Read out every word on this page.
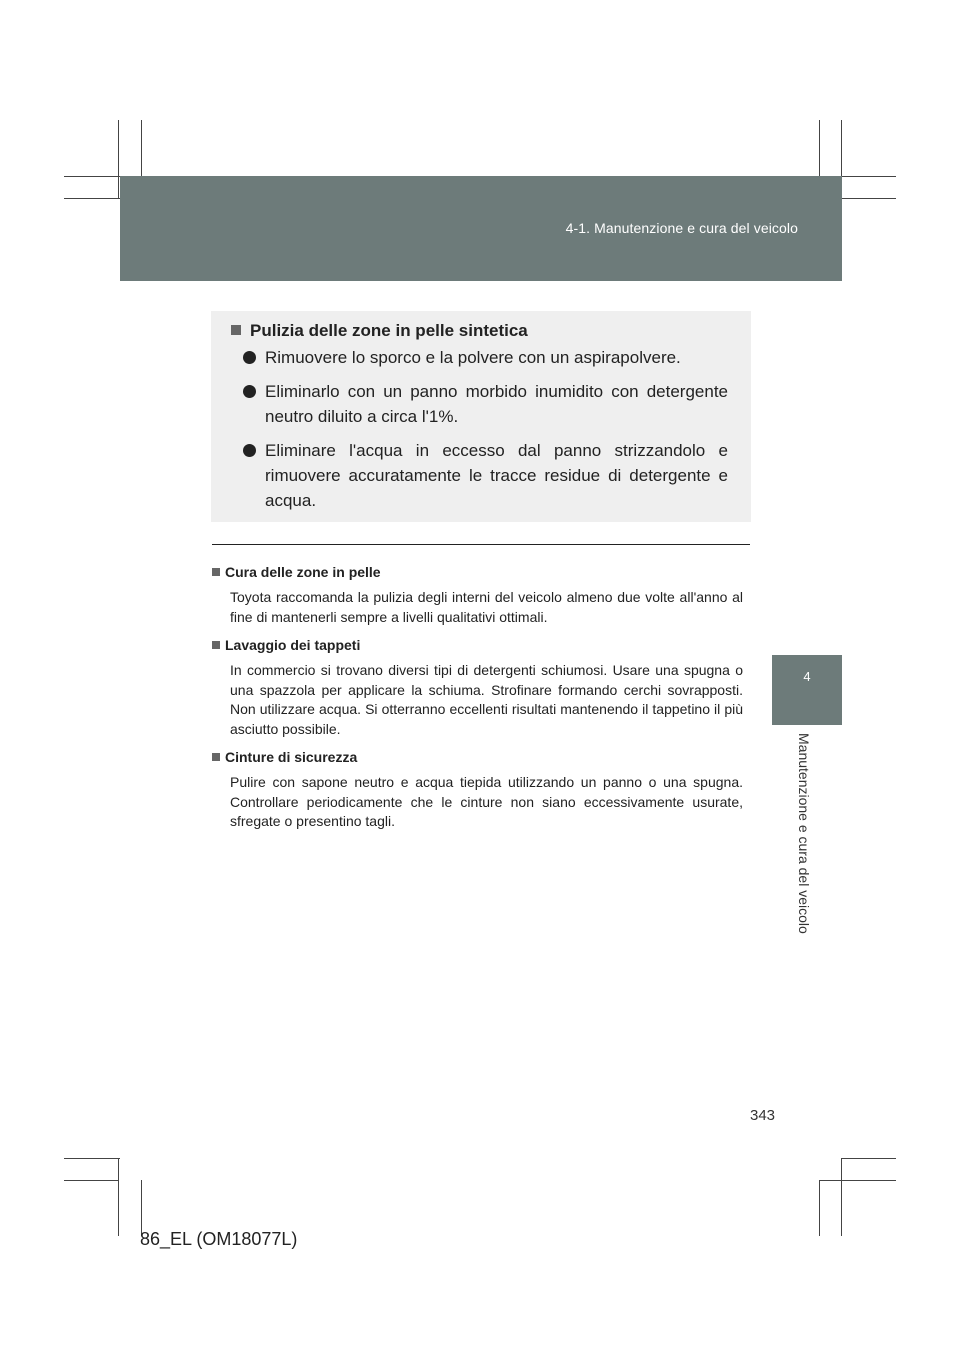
4-1. Manutenzione e cura del veicolo
4
Manutenzione e cura del veicolo
Pulizia delle zone in pelle sintetica
Rimuovere lo sporco e la polvere con un aspirapolvere.
Eliminarlo con un panno morbido inumidito con detergente neutro diluito a circa l'1%.
Eliminare l'acqua in eccesso dal panno strizzandolo e rimuovere accuratamente le tracce residue di detergente e acqua.
Cura delle zone in pelle
Toyota raccomanda la pulizia degli interni del veicolo almeno due volte all'anno al fine di mantenerli sempre a livelli qualitativi ottimali.
Lavaggio dei tappeti
In commercio si trovano diversi tipi di detergenti schiumosi. Usare una spugna o una spazzola per applicare la schiuma. Strofinare formando cerchi sovrapposti. Non utilizzare acqua. Si otterranno eccellenti risultati mantenendo il tappetino il più asciutto possibile.
Cinture di sicurezza
Pulire con sapone neutro e acqua tiepida utilizzando un panno o una spugna. Controllare periodicamente che le cinture non siano eccessivamente usurate, sfregate o presentino tagli.
343
86_EL (OM18077L)
